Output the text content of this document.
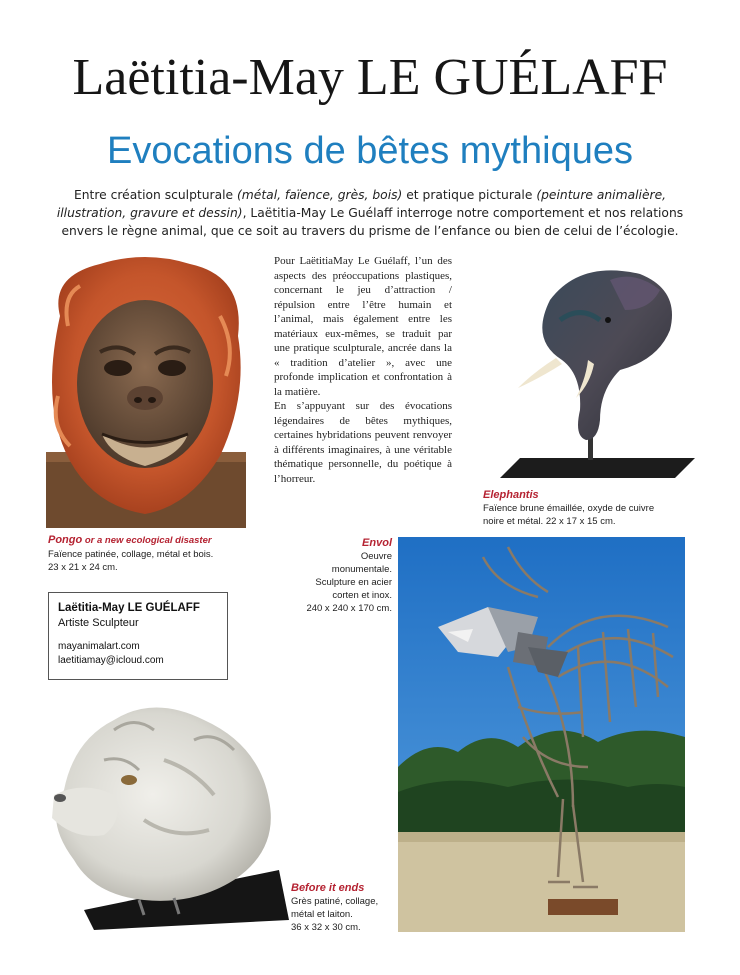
Laëtitia-May LE GUÉLAFF
Evocations de bêtes mythiques
Entre création sculpturale (métal, faïence, grès, bois) et pratique picturale (peinture animalière, illustration, gravure et dessin), Laëtitia-May Le Guélaff interroge notre comportement et nos relations envers le règne animal, que ce soit au travers du prisme de l’enfance ou bien de celui de l’écologie.

Pour LaëtitiaMay Le Guélaff, l’un des aspects des préoccupations plastiques, concernant le jeu d’attraction / répulsion entre l’être humain et l’animal, mais également entre les matériaux eux-mêmes, se traduit par une pratique sculpturale, ancrée dans la « tradition d’atelier », avec une profonde implication et confrontation à la matière.

En s’appuyant sur des évocations légendaires de bêtes mythiques, certaines hybridations peuvent renvoyer à différents imaginaires, à une véritable thématique personnelle, du poétique à l’horreur.

Pongo or a new ecological disaster
Faïence patinée, collage, métal et bois.
23 x 21 x 24 cm.
Elephantis
Faïence brune émaillée, oxyde de cuivre
noire et métal. 22 x 17 x 15 cm.
Envol
Oeuvre
monumentale.
Sculpture en acier
corten et inox.
240 x 240 x 170 cm.
Laëtitia-May LE GUÉLAFF
Artiste Sculpteur
mayanimalart.com
laetitiamay@icloud.com
Before it ends
Grès patiné, collage,
métal et laiton.
36 x 32 x 30 cm.
